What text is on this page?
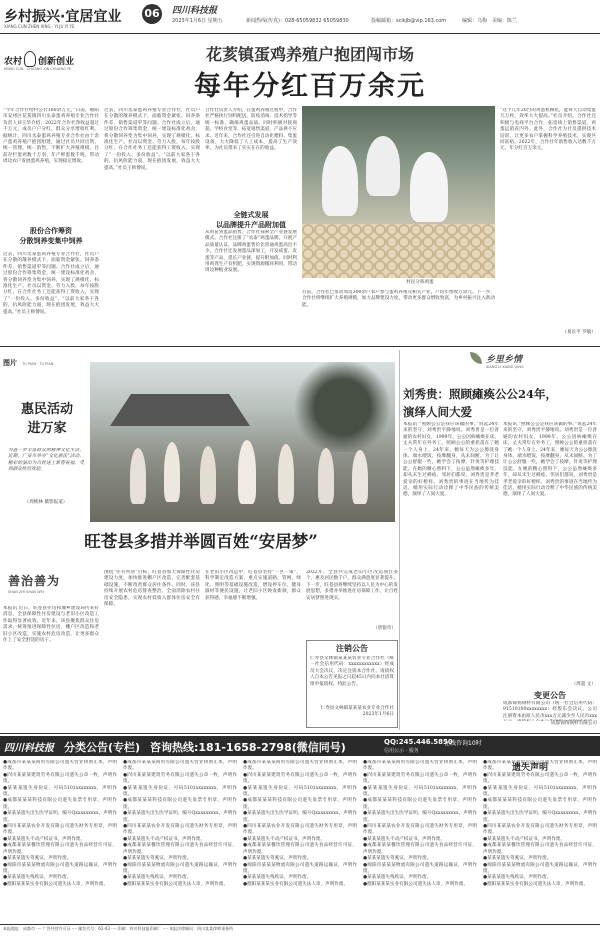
乡村振兴·宜居宜业
XIANG CUN ZHEN XING · YI JU YI YE
06 四川科技报
2023年1月6日 星期五	新闻热线(传真)：028-65059832 65059830	投稿邮箱：scikjb@vip.163.com	编辑：乌梅 美编：陈兰
农村 创新创业
NONG CUN · CHUANG XIN CHUANG YE
花荄镇蛋鸡养殖户抱团闯市场
每年分红百万余元
“今年合作社给村公社100余万元，”日前，绵阳市安州区花荄镇四川丞泰蛋鸡养殖专业合作社负责人刘玉华介绍，2022年合作社净收益超过千万元，成员户户分红，群众分享增收红利。据统计，四川丞泰蛋鸡养殖专业合作社由十余户蛋鸡养殖户抱团组建，通过社员共同出资、统一管理、统一销售，不断扩大养殖规模，目前存栏蛋鸡数十万羽，年产鲜蛋数千吨，带动周边农户发展蛋鸡养殖，实现稳定增收。
股份合作筹资
分散饲养变集中饲养
过去，四川丞泰蛋鸡养殖专业合作社，社员户在分散的散养模式下，面临资金紧张、饲养条件差、销售渠道窄等问题。合作社成立后，通过股份合作筹集资金，统一建设标准化鸡舍，将分散饲养变为集中饲养，实现了规模化、标准化生产。社员以资金、劳力入股，每年按股分红，在合作社务工还能获得工资收入，实现了“一份投入、多份收益”。“以前大家各干各的，抗风险能力弱，现在抱团发展，效益大大提高。”社员王师傅说。
过去，四川丞泰蛋鸡养殖专业合作社，社员户在分散的散养模式下，面临资金紧张、饲养条件差、销售渠道窄等问题。合作社成立后，通过股份合作筹集资金，统一建设标准化鸡舍，将分散饲养变为集中饲养，实现了规模化、标准化生产。社员以资金、劳力入股，每年按股分红，在合作社务工还能获得工资收入，实现了“一份投入、多份收益”。“以前大家各干各的，抗风险能力弱，现在抱团发展，效益大大提高。”社员王师傅说。
合作社负责人介绍，在蛋鸡养殖过程中，合作社严格执行饲料配送、防疫消毒、技术指导等统一标准，确保鸡蛋品质。同时积极对接商超、学校食堂等，拓宽销售渠道，产品供不应求。近年来，合作社还引进自动化喂料、集蛋设备，大大降低了人工成本，提高了生产效率，为社员带来了实实在在的收益。
全链式发展
以品牌提升产品附加值
从鸡苗到蛋品销售，合作社探索全产业链发展模式。合作社注册了“丞泰”鸡蛋品牌，开展产品质量认证，品牌鸡蛋售价比普通鸡蛋高出不少。合作社还发展蛋品深加工，开发咸蛋、皮蛋等产品，延长产业链，提升附加值。同时利用鸡粪生产有机肥，实现资源循环利用，带动周边种植业发展。
村民分拣鸡蛋
目前，合作社已带动周边300余户农户参与蛋鸡养殖及相关产业，户均年增收万余元。下一步，合作社将继续扩大养殖规模，加大品牌建设力度，带动更多群众增收致富，为乡村振兴注入新动能。
“这个几年20台的鸡蛋机械化，能每天自动集蛋几万枚，效率大大提高。”社员介绍。合作社还积极与电商平台合作，拓宽线上销售渠道，鸡蛋远销省内外。此外，合作社为社员提供技术培训，让更多农户掌握科学养殖技术，实现共同富裕。2022年，合作社年销售收入达数千万元，年分红百万余元。
（易长平 罗敏）
图片 TU PIAN · TU PIAN
惠民活动
进万家
为进一步丰富群众的精神文化生活，近期，广安市举办“文化惠民”活动，精彩的演出为百姓送上新春祝福，受到群众热烈欢迎。
（周桃林 摄影报道）
乡里乡情
XIANG LI XIANG QING
刘秀贵：照顾瘫痪公公24年，
演绎人间大爱
本报讯 “照顾公公是我应该做的事。”说起24年来的坚守，刘秀贵平静地说。刘秀贵是一位普通的农村妇女，1999年，公公因病瘫痪在床，丈夫常年在外务工，照顾公公的重担落在了她一个人身上。24年来，她每天为公公擦洗身体、端水喂饭、按摩翻身，从未间断。为了让公公舒服一些，她学会了按摩、针灸等护理技能。在她的精心照料下，公公虽然瘫痪多年，却从未生过褥疮。邻居们都说，刘秀贵是孝老爱亲的好榜样。刘秀贵的事迹在当地传为佳话，她用实际行动诠释了中华民族的传统美德，演绎了人间大爱。
本报讯 “照顾公公是我应该做的事。”说起24年来的坚守，刘秀贵平静地说。刘秀贵是一位普通的农村妇女，1999年，公公因病瘫痪在床，丈夫常年在外务工，照顾公公的重担落在了她一个人身上。24年来，她每天为公公擦洗身体、端水喂饭、按摩翻身，从未间断。为了让公公舒服一些，她学会了按摩、针灸等护理技能。在她的精心照料下，公公虽然瘫痪多年，却从未生过褥疮。邻居们都说，刘秀贵是孝老爱亲的好榜样。刘秀贵的事迹在当地传为佳话，她用实际行动诠释了中华民族的传统美德，演绎了人间大爱。
（周超 文）
旺苍县多措并举圆百姓“安居梦”
善治善为
SHAN ZHI SHAN WEI
本报讯 近日，旺苍县住房和城乡建设局传来好消息，全县保障性住房建设与老旧小区改造工作取得显著成效。近年来，该县聚焦群众住房需求，统筹推进保障性住房、棚户区改造和老旧小区改造，实施农村危房改造，让更多群众住上了安全舒适的房子。
围绕“住有所居”目标，旺苍县加大保障性住房建设力度，加快推进棚户区改造，完善配套基础设施，不断改善群众居住条件。同时，该县持续开展农村危房排查整治，全面消除农村住房安全隐患，实现农村低收入群体住房安全有保障。
在老旧小区改造中，旺苍县坚持“一区一策”，科学制定改造方案，重点实施道路、管网、绿化、照明等基础设施改造，增设停车位、健身器材等便民设施，让老旧小区焕发新颜，群众获得感、幸福感不断增强。
2022年，全县共完成老旧小区改造项目多个，惠及居民数千户，群众满意度显著提升。下一步，旺苍县将继续坚持以人民为中心的发展思想，多措并举推进住房保障工作，让百姓安居梦照进现实。
（唐银奇）
注销公告
仁寿县文林镇某某某农业专业合作社（统一社会信用代码：xxxxxxxxxxxx）经成员大会决议，决定注销本合作社。请债权人自本公告见报之日起45日内向本社清算组申报债权。特此公告。
仁寿县文林镇某某某农业专业合作社
2023年1月6日
变更公告
成都锦扬钢材有限公司（统一社会信用代码：91510100xxxxxxxx）经股东会决议，公司注册资本由原人民币xxx万元减少至人民币xxx
成都锦扬钢材有限公司
四川科技报 分类公告(专栏) 咨询热线:181-1658-2798(微信同号)	QQ:245.446.5850
在线咨询10时
信用公示 · 服务
遗失声明
●成都市某某某商贸有限公司遗失营业执照正本，声明作废。
●四川某某某建筑劳务有限公司遗失公章一枚，声明作废。
●某某某遗失身份证，号码5101xxxxxxxx，声明作废。
●成都某某某科技有限公司遗失发票专用章，声明作废。
●某某某遗失出生医学证明，编号Qxxxxxxxxx，声明作废。
●四川某某某农业开发有限公司遗失财务专用章，声明作废。
●某某某遗失不动产权证书，声明作废。
●成都某某某餐饮管理有限公司遗失食品经营许可证，声明作废。
●某某某遗失驾驶证，声明作废。
●绵阳市某某某物流有限公司遗失道路运输证，声明作废。
●某某某遗失残疾证，声明作废。
●德阳某某某实业有限公司遗失法人章，声明作废。
●成都市某某某商贸有限公司遗失营业执照正本，声明作废。
●四川某某某建筑劳务有限公司遗失公章一枚，声明作废。
●某某某遗失身份证，号码5101xxxxxxxx，声明作废。
●成都某某某科技有限公司遗失发票专用章，声明作废。
●某某某遗失出生医学证明，编号Qxxxxxxxxx，声明作废。
●四川某某某农业开发有限公司遗失财务专用章，声明作废。
●某某某遗失不动产权证书，声明作废。
●成都某某某餐饮管理有限公司遗失食品经营许可证，声明作废。
●某某某遗失驾驶证，声明作废。
●绵阳市某某某物流有限公司遗失道路运输证，声明作废。
●某某某遗失残疾证，声明作废。
●德阳某某某实业有限公司遗失法人章，声明作废。
●成都市某某某商贸有限公司遗失营业执照正本，声明作废。
●四川某某某建筑劳务有限公司遗失公章一枚，声明作废。
●某某某遗失身份证，号码5101xxxxxxxx，声明作废。
●成都某某某科技有限公司遗失发票专用章，声明作废。
●某某某遗失出生医学证明，编号Qxxxxxxxxx，声明作废。
●四川某某某农业开发有限公司遗失财务专用章，声明作废。
●某某某遗失不动产权证书，声明作废。
●成都某某某餐饮管理有限公司遗失食品经营许可证，声明作废。
●某某某遗失驾驶证，声明作废。
●绵阳市某某某物流有限公司遗失道路运输证，声明作废。
●某某某遗失残疾证，声明作废。
●德阳某某某实业有限公司遗失法人章，声明作废。
●成都市某某某商贸有限公司遗失营业执照正本，声明作废。
●四川某某某建筑劳务有限公司遗失公章一枚，声明作废。
●某某某遗失身份证，号码5101xxxxxxxx，声明作废。
●成都某某某科技有限公司遗失发票专用章，声明作废。
●某某某遗失出生医学证明，编号Qxxxxxxxxx，声明作废。
●四川某某某农业开发有限公司遗失财务专用章，声明作废。
●某某某遗失不动产权证书，声明作废。
●成都某某某餐饮管理有限公司遗失食品经营许可证，声明作废。
●某某某遗失驾驶证，声明作废。
●绵阳市某某某物流有限公司遗失道路运输证，声明作废。
●某某某遗失残疾证，声明作废。
●德阳某某某实业有限公司遗失法人章，声明作废。
●成都市某某某商贸有限公司遗失营业执照正本，声明作废。
●四川某某某建筑劳务有限公司遗失公章一枚，声明作废。
●某某某遗失身份证，号码5101xxxxxxxx，声明作废。
●成都某某某科技有限公司遗失发票专用章，声明作废。
●某某某遗失出生医学证明，编号Qxxxxxxxxx，声明作废。
●四川某某某农业开发有限公司遗失财务专用章，声明作废。
●某某某遗失不动产权证书，声明作废。
●成都某某某餐饮管理有限公司遗失食品经营许可证，声明作废。
●某某某遗失驾驶证，声明作废。
●绵阳市某某某物流有限公司遗失道路运输证，声明作废。
●某某某遗失残疾证，声明作废。
●德阳某某某实业有限公司遗失法人章，声明作废。
本报地址：成都市 ···· 广告经营许可证 ···· 邮发代号：61-43 ···· 印刷：四川科技报印刷厂 ···· 本报法律顾问：四川某某律师事务所
